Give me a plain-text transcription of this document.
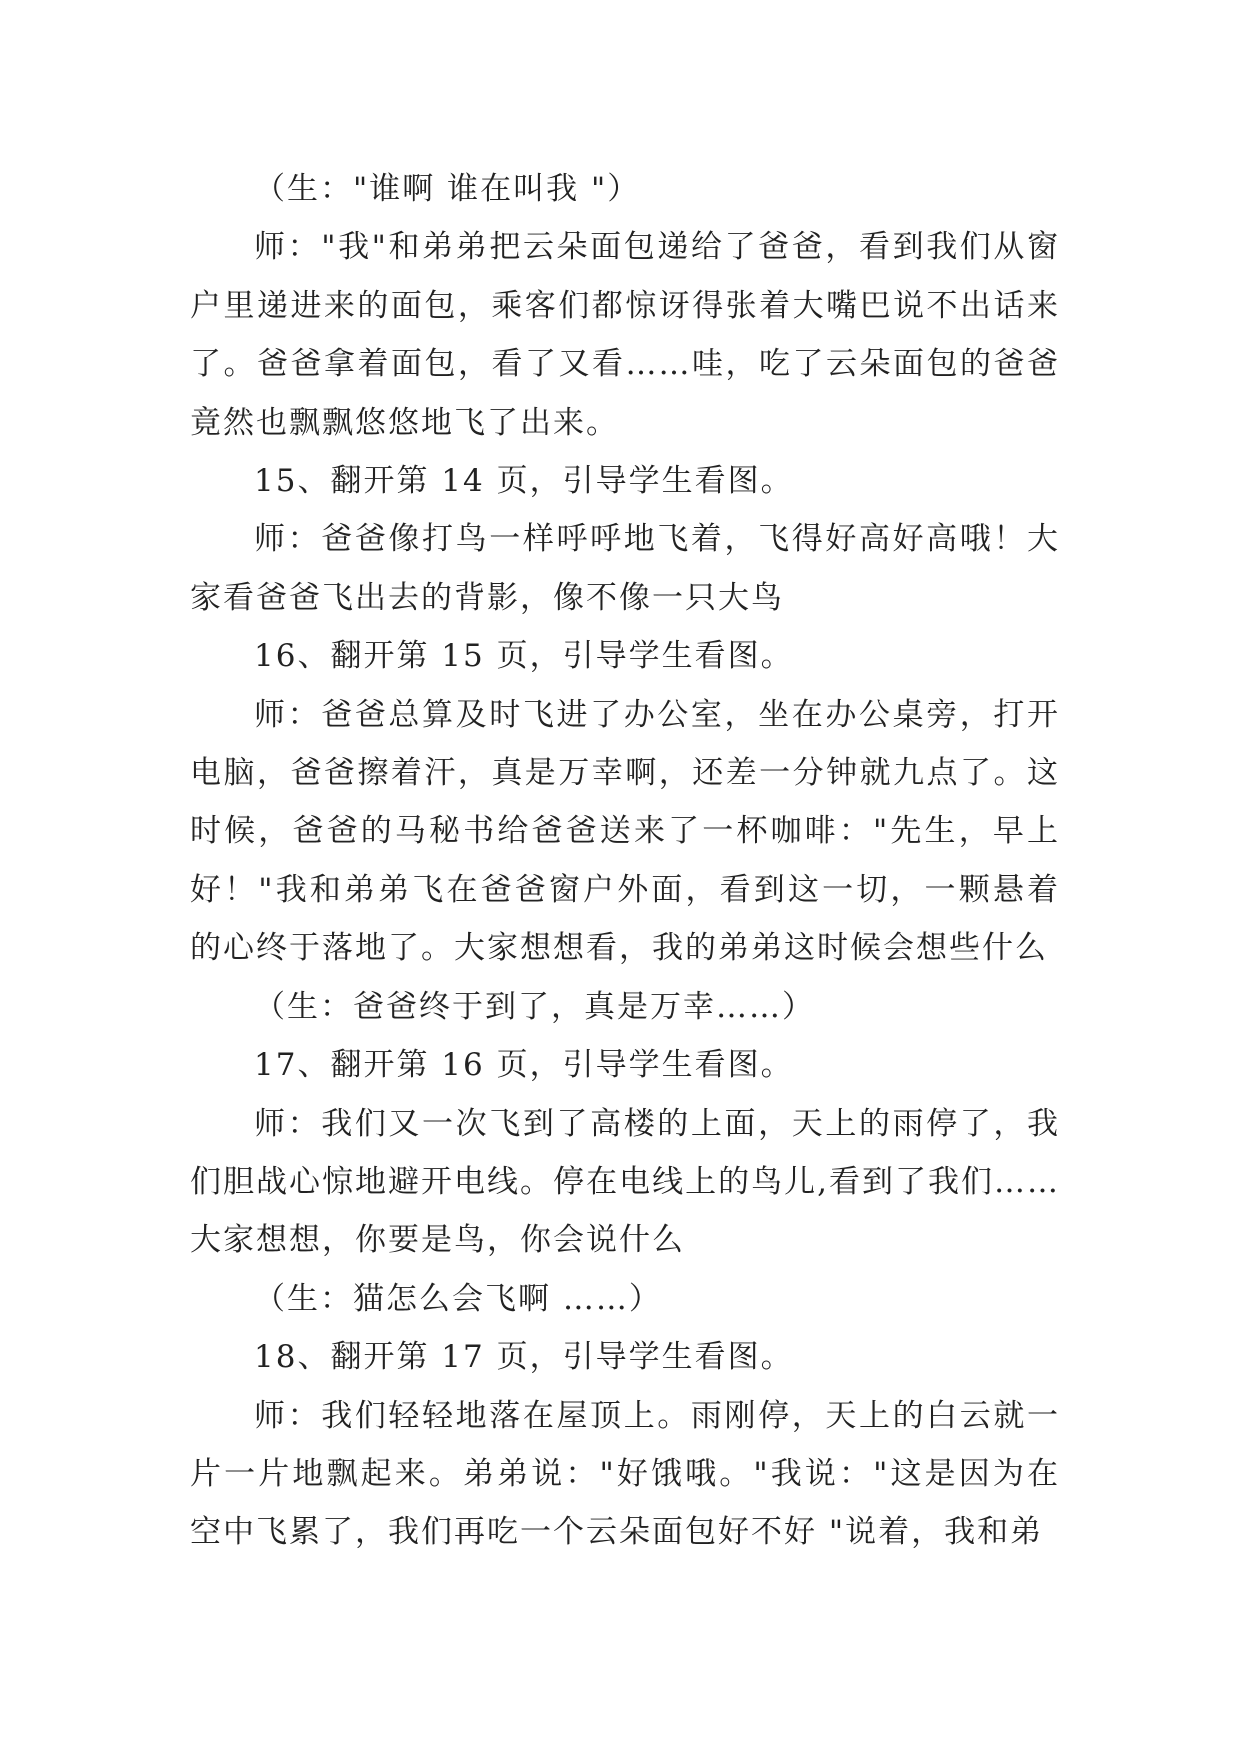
（生："谁啊 谁在叫我 "）

师："我"和弟弟把云朵面包递给了爸爸，看到我们从窗户里递进来的面包，乘客们都惊讶得张着大嘴巴说不出话来了。爸爸拿着面包，看了又看……哇，吃了云朵面包的爸爸竟然也飘飘悠悠地飞了出来。

15、翻开第 14 页，引导学生看图。

师：爸爸像打鸟一样呼呼地飞着，飞得好高好高哦！大家看爸爸飞出去的背影，像不像一只大鸟

16、翻开第 15 页，引导学生看图。

师：爸爸总算及时飞进了办公室，坐在办公桌旁，打开电脑，爸爸擦着汗，真是万幸啊，还差一分钟就九点了。这时候，爸爸的马秘书给爸爸送来了一杯咖啡："先生，早上好！"我和弟弟飞在爸爸窗户外面，看到这一切，一颗悬着的心终于落地了。大家想想看，我的弟弟这时候会想些什么

（生：爸爸终于到了，真是万幸……）

17、翻开第 16 页，引导学生看图。

师：我们又一次飞到了高楼的上面，天上的雨停了，我们胆战心惊地避开电线。停在电线上的鸟儿,看到了我们……大家想想，你要是鸟，你会说什么

（生：猫怎么会飞啊 ……）

18、翻开第 17 页，引导学生看图。

师：我们轻轻地落在屋顶上。雨刚停，天上的白云就一片一片地飘起来。弟弟说："好饿哦。"我说："这是因为在空中飞累了，我们再吃一个云朵面包好不好 "说着，我和弟
